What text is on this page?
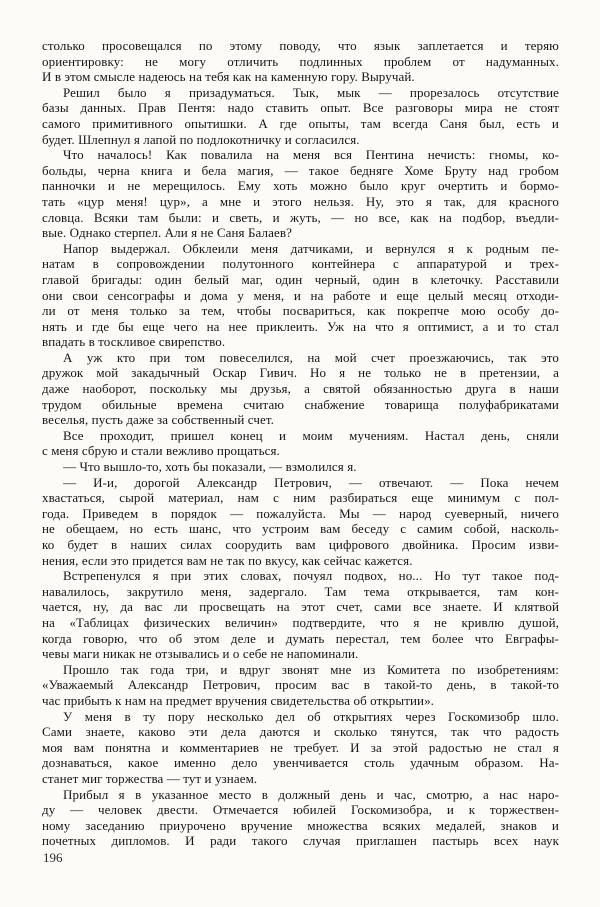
столько просовещался по этому поводу, что язык заплетается и теряю
ориентировку: не могу отличить подлинных проблем от надуманных.
И в этом смысле надеюсь на тебя как на каменную гору. Выручай.
Решил было я призадуматься. Тык, мык — прорезалось отсутствие
базы данных. Прав Пентя: надо ставить опыт. Все разговоры мира не стоят
самого примитивного опытишки. А где опыты, там всегда Саня был, есть и
будет. Шлепнул я лапой по подлокотничку и согласился.
Что началось! Как повалила на меня вся Пентина нечисть: гномы, ко-
больды, черна книга и бела магия, — такое бедняге Хоме Бруту над гробом
панночки и не мерещилось. Ему хоть можно было круг очертить и бормо-
тать «цур меня! цур», а мне и этого нельзя. Ну, это я так, для красного
словца. Всяки там были: и светь, и жуть, — но все, как на подбор, въедли-
вые. Однако стерпел. Али я не Саня Балаев?
Напор выдержал. Обклеили меня датчиками, и вернулся я к родным пе-
натам в сопровождении полутонного контейнера с аппаратурой и трех-
главой бригады: один белый маг, один черный, один в клеточку. Расставили
они свои сенсографы и дома у меня, и на работе и еще целый месяц отходи-
ли от меня только за тем, чтобы посвариться, как покрепче мою особу до-
нять и где бы еще чего на нее приклеить. Уж на что я оптимист, а и то стал
впадать в тоскливое свирепство.
А уж кто при том повеселился, на мой счет проезжаючись, так это
дружок мой закадычный Оскар Гивич. Но я не только не в претензии, а
даже наоборот, поскольку мы друзья, а святой обязанностью друга в наши
трудом обильные времена считаю снабжение товарища полуфабрикатами
веселья, пусть даже за собственный счет.
Все проходит, пришел конец и моим мучениям. Настал день, сняли
с меня сбрую и стали вежливо прощаться.
— Что вышло-то, хоть бы показали, — взмолился я.
— И-и, дорогой Александр Петрович, — отвечают. — Пока нечем
хвастаться, сырой материал, нам с ним разбираться еще минимум с пол-
года. Приведем в порядок — пожалуйста. Мы — народ суеверный, ничего
не обещаем, но есть шанс, что устроим вам беседу с самим собой, насколь-
ко будет в наших силах соорудить вам цифрового двойника. Просим изви-
нения, если это придется вам не так по вкусу, как сейчас кажется.
Встрепенулся я при этих словах, почуял подвох, но... Но тут такое под-
навалилось, закрутило меня, задергало. Там тема открывается, там кон-
чается, ну, да вас ли просвещать на этот счет, сами все знаете. И клятвой
на «Таблицах физических величин» подтвердите, что я не кривлю душой,
когда говорю, что об этом деле и думать перестал, тем более что Евграфы-
чевы маги никак не отзывались и о себе не напоминали.
Прошло так года три, и вдруг звонят мне из Комитета по изобретениям:
«Уважаемый Александр Петрович, просим вас в такой-то день, в такой-то
час прибыть к нам на предмет вручения свидетельства об открытии».
У меня в ту пору несколько дел об открытиях через Госкомизобр шло.
Сами знаете, каково эти дела даются и сколько тянутся, так что радость
моя вам понятна и комментариев не требует. И за этой радостью не стал я
дознаваться, какое именно дело увенчивается столь удачным образом. На-
станет миг торжества — тут и узнаем.
Прибыл я в указанное место в должный день и час, смотрю, а нас наро-
ду — человек двести. Отмечается юбилей Госкомизобра, и к торжествен-
ному заседанию приурочено вручение множества всяких медалей, знаков и
почетных дипломов. И ради такого случая приглашен пастырь всех наук
196
